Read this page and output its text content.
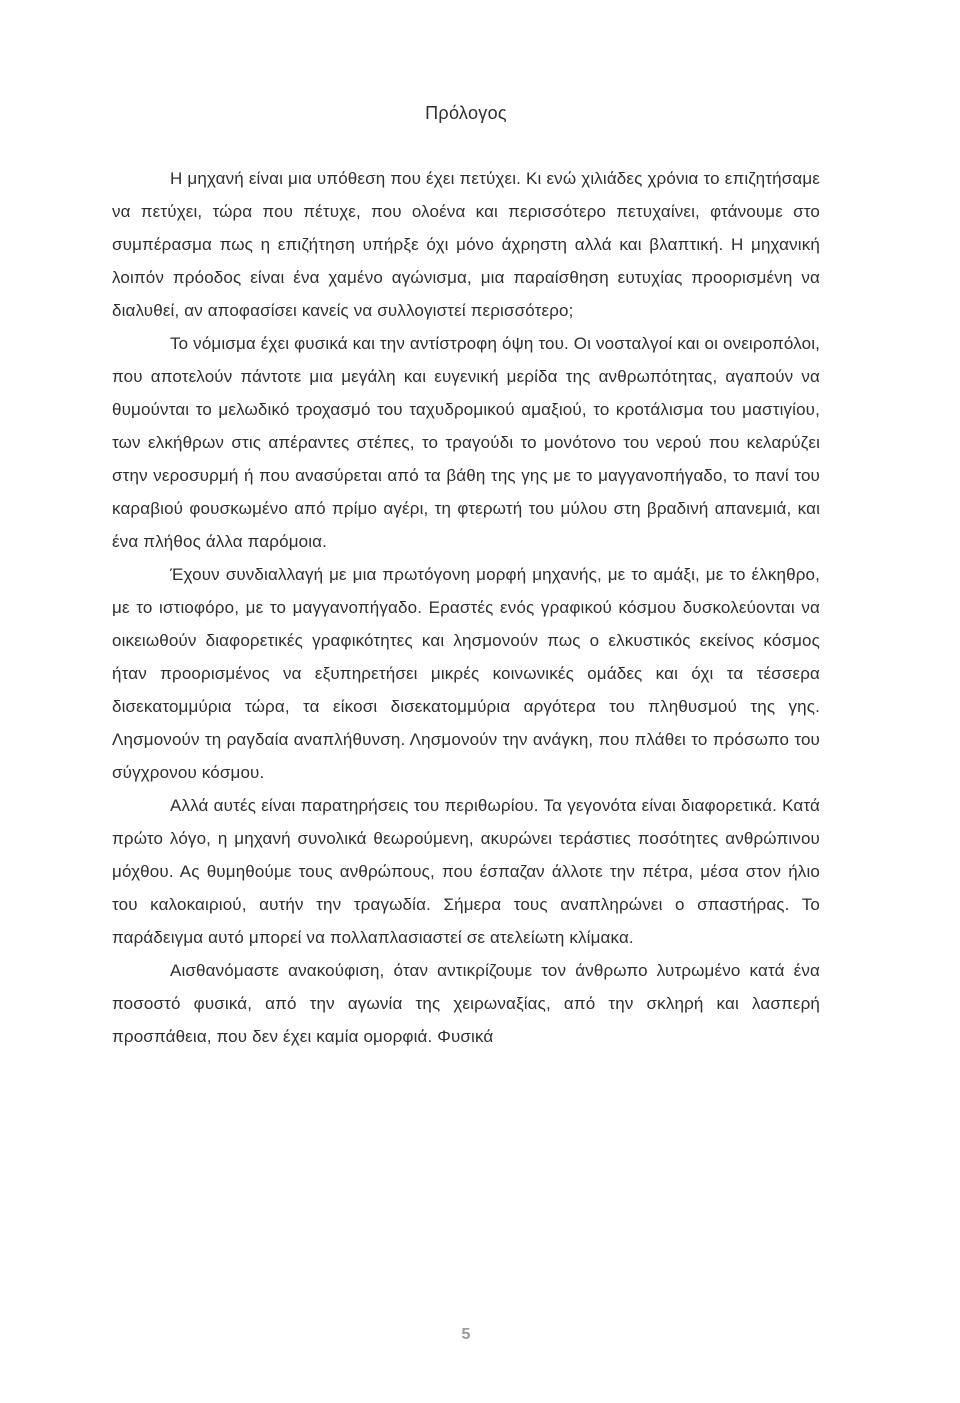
Πρόλογος

Η μηχανή είναι μια υπόθεση που έχει πετύχει. Κι ενώ χιλιάδες χρόνια το επιζητήσαμε να πετύχει, τώρα που πέτυχε, που ολοένα και περισσότερο πετυχαίνει, φτάνουμε στο συμπέρασμα πως η επιζήτηση υπήρξε όχι μόνο άχρηστη αλλά και βλαπτική. Η μηχανική λοιπόν πρόοδος είναι ένα χαμένο αγώνισμα, μια παραίσθηση ευτυχίας προορισμένη να διαλυθεί, αν αποφασίσει κανείς να συλλογιστεί περισσότερο;

Το νόμισμα έχει φυσικά και την αντίστροφη όψη του. Οι νοσταλγοί και οι ονειροπόλοι, που αποτελούν πάντοτε μια μεγάλη και ευγενική μερίδα της ανθρωπότητας, αγαπούν να θυμούνται το μελωδικό τροχασμό του ταχυδρομικού αμαξιού, το κροτάλισμα του μαστιγίου, των ελκήθρων στις απέραντες στέπες, το τραγούδι το μονότονο του νερού που κελαρύζει στην νεροσυρμή ή που ανασύρεται από τα βάθη της γης με το μαγγανοπήγαδο, το πανί του καραβιού φουσκωμένο από πρίμο αγέρι, τη φτερωτή του μύλου στη βραδινή απανεμιά, και ένα πλήθος άλλα παρόμοια.

Έχουν συνδιαλλαγή με μια πρωτόγονη μορφή μηχανής, με το αμάξι, με το έλκηθρο, με το ιστιοφόρο, με το μαγγανοπήγαδο. Εραστές ενός γραφικού κόσμου δυσκολεύονται να οικειωθούν διαφορετικές γραφικότητες και λησμονούν πως ο ελκυστικός εκείνος κόσμος ήταν προορισμένος να εξυπηρετήσει μικρές κοινωνικές ομάδες και όχι τα τέσσερα δισεκατομμύρια τώρα, τα είκοσι δισεκατομμύρια αργότερα του πληθυσμού της γης. Λησμονούν τη ραγδαία αναπλήθυνση. Λησμονούν την ανάγκη, που πλάθει το πρόσωπο του σύγχρονου κόσμου.

Αλλά αυτές είναι παρατηρήσεις του περιθωρίου. Τα γεγονότα είναι διαφορετικά. Κατά πρώτο λόγο, η μηχανή συνολικά θεωρούμενη, ακυρώνει τεράστιες ποσότητες ανθρώπινου μόχθου. Ας θυμηθούμε τους ανθρώπους, που έσπαζαν άλλοτε την πέτρα, μέσα στον ήλιο του καλοκαιριού, αυτήν την τραγωδία. Σήμερα τους αναπληρώνει ο σπαστήρας. Το παράδειγμα αυτό μπορεί να πολλαπλασιαστεί σε ατελείωτη κλίμακα.

Αισθανόμαστε ανακούφιση, όταν αντικρίζουμε τον άνθρωπο λυτρωμένο κατά ένα ποσοστό φυσικά, από την αγωνία της χειρωναξίας, από την σκληρή και λασπερή προσπάθεια, που δεν έχει καμία ομορφιά. Φυσικά

5
